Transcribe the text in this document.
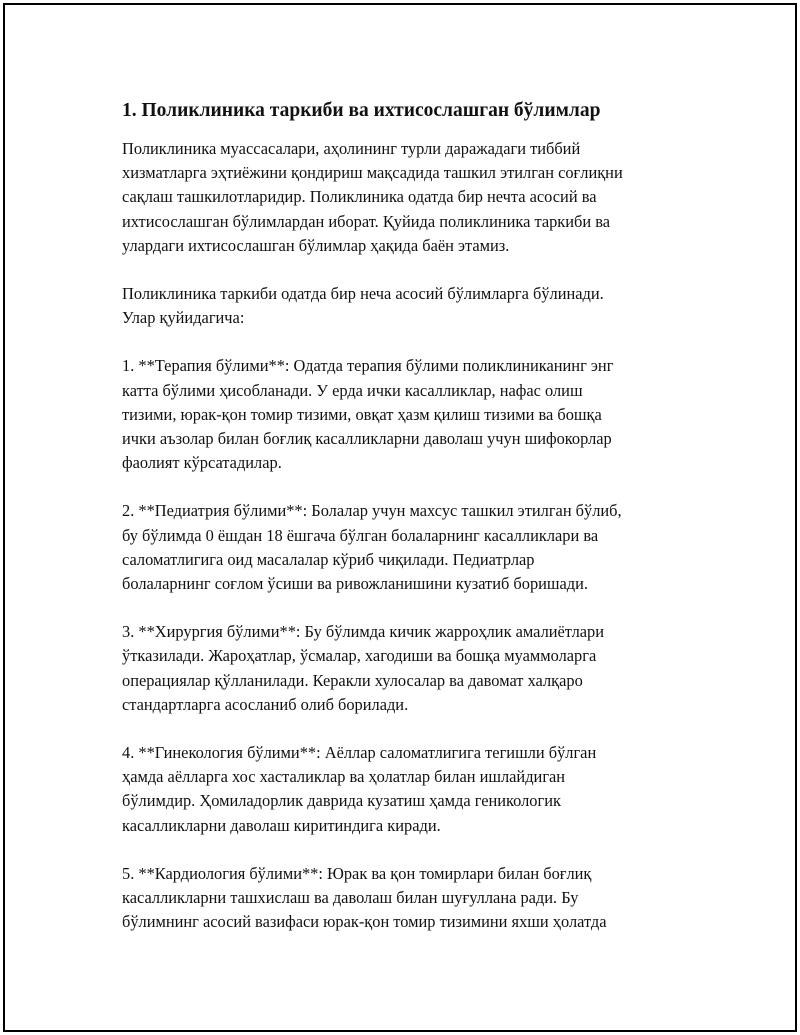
1. Поликлиника таркиби ва ихтисослашган бўлимлар

Поликлиника муассасалари, аҳолининг турли даражадаги тиббий
хизматларга эҳтиёжини қондириш мақсадида ташкил этилган соғлиқни
сақлаш ташкилотларидир. Поликлиника одатда бир нечта асосий ва
ихтисослашган бўлимлардан иборат. Қуйида поликлиника таркиби ва
улардаги ихтисослашган бўлимлар ҳақида баён этамиз.

Поликлиника таркиби одатда бир неча асосий бўлимларга бўлинади.
Улар қуйидагича:

1. **Терапия бўлими**: Одатда терапия бўлими поликлиниканинг энг
катта бўлими ҳисобланади. У ерда ички касалликлар, нафас олиш
тизими, юрак-қон томир тизими, овқат ҳазм қилиш тизими ва бошқа
ички аъзолар билан боғлиқ касалликларни даволаш учун шифокорлар
фаолият кўрсатадилар.

2. **Педиатрия бўлими**: Болалар учун махсус ташкил этилган бўлиб,
бу бўлимда 0 ёшдан 18 ёшгача бўлган болаларнинг касалликлари ва
саломатлигига оид масалалар кўриб чиқилади. Педиатрлар
болаларнинг соғлом ўсиши ва ривожланишини кузатиб боришади.

3. **Хирургия бўлими**: Бу бўлимда кичик жарроҳлик амалиётлари
ўтказилади. Жароҳатлар, ўсмалар, хагодиши ва бошқа муаммоларга
операциялар қўлланилади. Керакли хулосалар ва давомат халқаро
стандартларга асосланиб олиб борилади.

4. **Гинекология бўлими**: Аёллар саломатлигига тегишли бўлган
ҳамда аёлларга хос хасталиклар ва ҳолатлар билан ишлайдиган
бўлимдир. Ҳомиладорлик даврида кузатиш ҳамда геникологик
касалликларни даволаш киритиндига киради.

5. **Кардиология бўлими**: Юрак ва қон томирлари билан боғлиқ
касалликларни ташхислаш ва даволаш билан шуғуллана ради. Бу
бўлимнинг асосий вазифаси юрак-қон томир тизимини яхши ҳолатда
